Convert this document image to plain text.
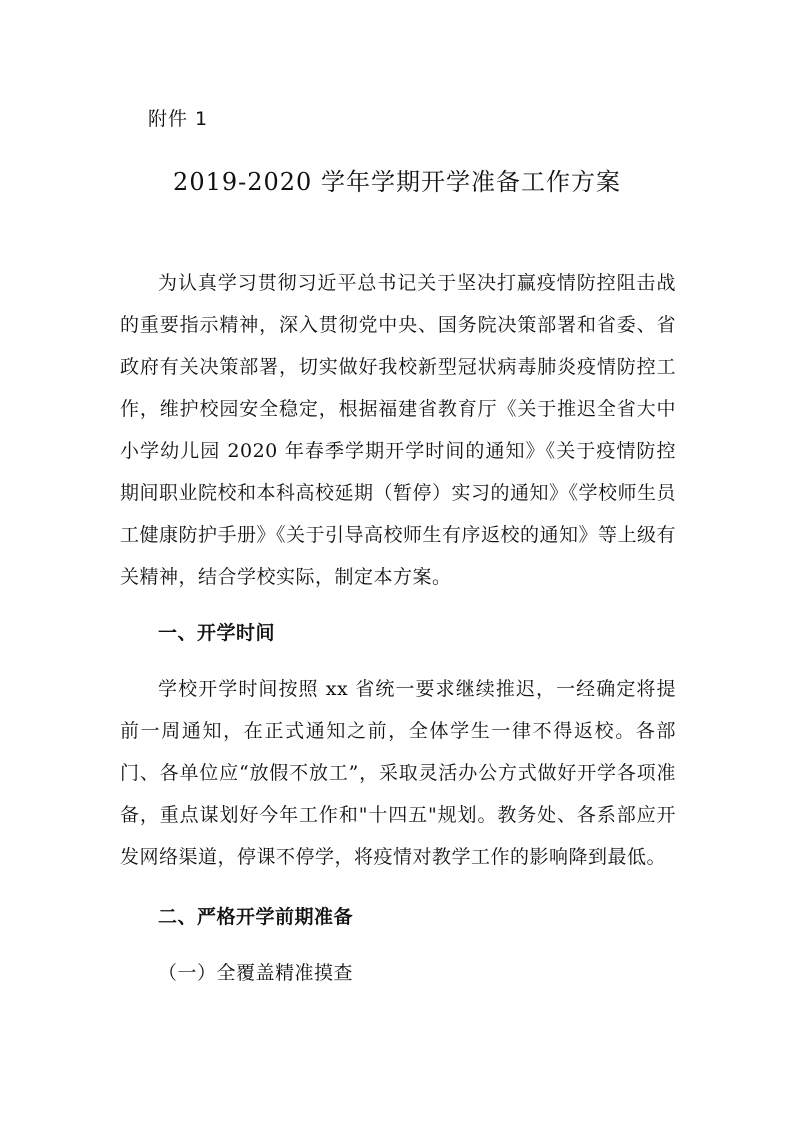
附件 1

2019-2020 学年学期开学准备工作方案

为认真学习贯彻习近平总书记关于坚决打赢疫情防控阻击战的重要指示精神，深入贯彻党中央、国务院决策部署和省委、省政府有关决策部署，切实做好我校新型冠状病毒肺炎疫情防控工作，维护校园安全稳定，根据福建省教育厅《关于推迟全省大中小学幼儿园 2020 年春季学期开学时间的通知》《关于疫情防控期间职业院校和本科高校延期（暂停）实习的通知》《学校师生员工健康防护手册》《关于引导高校师生有序返校的通知》等上级有关精神，结合学校实际，制定本方案。

一、开学时间

学校开学时间按照 xx 省统一要求继续推迟，一经确定将提前一周通知，在正式通知之前，全体学生一律不得返校。各部门、各单位应“放假不放工”，采取灵活办公方式做好开学各项准备，重点谋划好今年工作和"十四五"规划。教务处、各系部应开发网络渠道，停课不停学，将疫情对教学工作的影响降到最低。

二、严格开学前期准备

（一）全覆盖精准摸查
